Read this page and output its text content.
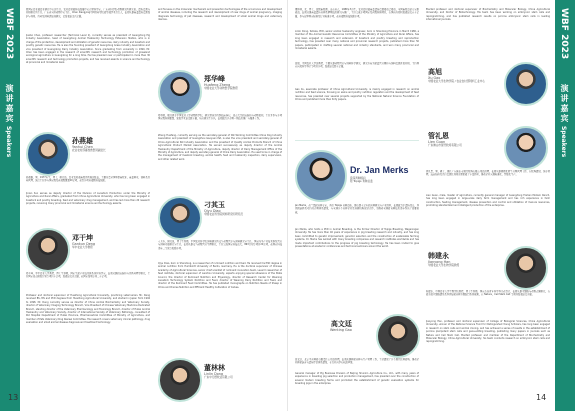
WBF 2023
演讲嘉宾
Speakers
13
原国家农业部农业研究中心副主任、农业农村部科技发展中心首席科学家、广东省科学院动物研究所研究员、遗传资源与利用研究所主任、广东省实验动物中心主任、Chen Xiangying中国兽药学院猪学部学术带头人，长期从事畜禽遗传资源保护与利用、兽药及饲料添加剂研究，已发表论文百余篇。
Jianbo Chen, professor researcher (Technical Level 2), currently serves as president of Guangdong Pig Industry Association, head of Guangdong Animal Husbandry Technology Extension Station, who is in charge of the protection, development and utilization of genetic resources, dairy industry and livestock and poultry genetic resources. He is also the founding president of Guangdong Grass Industry Association and vice president of Guangdong Dairy Industry Association. Since graduating from university in 1990, Mr. Chen has been engaged in the research of scientific research and technology promotion of grassland ecological agriculture in Guangdong for a long time. He has presided over or participated in more than 30 scientific research and technology promotion projects, and has received awards in science and technology at provincial and ministerial level.
孙燕雄
Yanhui Chen
农业农村部畜牧兽医局副处长
孙燕雄，男，1977年生，博士，研究员，农业农村部畜牧兽医局副处长，主要负责全国草原畜牧业、畜禽种业、饲料及兽药管理，先后主持参与国家级及省部级课题20余项，获得多项省部级科技奖励。
Jinian Sun serves as deputy director of the Division of Livestock Production under the Ministry of Agriculture and Rural Affairs, graduated from China Agricultural University, who has long been engaged in livestock and poultry breeding, feed and veterinary drug management, and has led more than 20 research projects, receiving many provincial and ministerial science and technology awards.
邓干坤
Gankun Deng
华中农业大学教授
邓干坤，华中农业大学教授，博士生导师，国家生猪产业技术体系岗位科学家，长期从事猪病防控与兽医药理学研究，主持国家重点研发计划等项目十余项，发表论文百余篇，获国家发明专利二十余项。
Professor and doctoral supervisor of Huazhong Agricultural University, practicing veterinarian. Mr. Deng received BS, MS and PhD degrees from Huazhong Agricultural University, and studied in Japan from 1994 to 1998. Mr. Deng currently serves as director of China Animal Biochemistry and Veterinary Society, director of Veterinary Imaging Technology Branch, Vice President of Chinese Veterinary Medicine Dedicated Branch, standing director of the Veterinary Pharmacology and Toxicology Branch, director of Hubei Animal Husbandry and Veterinary Society, director of International Society of Veterinary Pathology, consultant of Pet Hospital Department of Hubei Province, Pharmaceutical Committee of Ministry of Agriculture, and member of Pets Veterinary Drug Review Committee. His research covers veterinary clinical pathology, drug evaluation and small animal disease diagnosis and treatment technology.
and focuses on the molecular mechanism and prevention technologies of the occurrence and development of animal diseases, including the research and development of new drugs of animal pregnancy, imaging diagnosis technology of pet diseases, research and development of small animal drugs and veterinary devices.
郑华峰
Huafeng Zheng
中国农业大学动物医学院教授
郑华峰，现任教于中国农业大学动物医学院，研究领域为兽医临床诊疗，重点关注猪病防控与动物福利，主持并参与多项国家级科研课题，发表学术论文数十篇，培养研究生多名，长期致力于养殖一线技术推广与服务工作。
Zheng Huafeng, currently serving as the secretary-general of Pet Working Committee China Dog Industry Association and president of Guangzhou Gaoyuan Pet, is also the vice president and secretary-general of China Agricultural Pet Industry Association and the president of Quality Animal Products Branch of China Agricultural Product Market Association. He served successively as deputy director of the Animal Husbandry Department of the Ministry of Agriculture, deputy director of Dairy Management Office of the Ministry of Agriculture, and deputy secretary-general of China Dairy Association. He used to be in charge of the management of livestock breeding, animal health, feed and husbandry inspection, dairy supervision, and other related work.
刁其玉
Qiyu Diao
中国农业科学院饲料研究所研究员
刁其玉，研究员，博士生导师，中国农业科学院饲料研究所反刍动物营养与饲料研究室主任，国家肉羊产业技术体系营养与饲料功能研究室主任，长期从事反刍动物营养生理研究，主持完成国家科技攻关、863计划等项目20余项，获国家科技进步二等奖等奖励多项。
Qiyu Diao, born in Shandong, is a researcher of ruminant nutrition and feed. He received his PhD degree in animal nutrition from Humboldt University of Berlin, Germany. He is the doctoral supervisor of Chinese Academy of Agricultural Sciences, senior chief scientist of ruminant innovation team, Level II researcher of feed institute, doctoral supervisor of Lanzhou University, experts enjoying special allowance of the State Council, the director of Ruminant Nutrition and Physiology, director of Research Center for Weaning Livestock Technology System Nutrition and Feed, director of Weaning Dairy Nutrition and Feed, and director of the Ruminant Feed Committee. He has published monographs on Nutrition Needs of Sheep in China and Precise Nutrition and Efficient Healthy Cultivation of Calves.
董林林
Linlin Dong
广东中行德牧业有限公司
WBF 2023
演讲嘉宾
Speakers
14
董林林，女，博士，高级畜牧师。山东省人，1980年3月生。农业农村部畜禽遗传资源委员会委员，全国畜牧总站专家组成员，长期从事畜禽遗传育种及繁殖技术研究与推广，主持完成多项国家及省级科研项目，在国内外期刊发表论文五十余篇，参与起草国家标准及行业标准多项，获省部级科技奖励多项。
Linlin Dong, female, PhD, senior animal husbandry engineer, born in Shandong Province in March 1980, a member of the Animal Genetic Resources Committee of the Ministry of Agriculture and Rural Affairs, has long been engaged in research and extension of livestock and poultry breeding and reproduction technology, has presided over many national and provincial research projects, published more than 50 papers, participated in drafting several national and industry standards, and won many provincial and ministerial awards.
高旭，中国农业大学副教授，主要从事动物营养与饲料科学研究，研究方向为猪禽营养调控与饲料资源开发利用，主持国家自然科学基金等项目多项，发表论文四十余篇。
Gao Xu, associate professor of China Agricultural University, is mainly engaged in research on animal nutrition and feed science, focusing on swine and poultry nutrition regulation and the development of feed resources, has presided over several projects supported by the National Natural Science Foundation of China and published more than forty papers.
Dr. Jan Merks
资深育种顾问
原 Topigs 育种总监
Jan Merks，荷兰籍猪育种专家，曾任 Topigs 育种总监，拥有四十余年猪育种研究与产业经验，长期致力于遗传改良、基因组选择及可持续养殖体系建设，与全球多个育种企业及科研机构保持合作，为推动全球猪育种技术进步作出了重要贡献。
Jan Merks, who holds a PhD in Animal Breeding, is the former Director of Topigs Breeding, Wageningen University. He has more than 40 years of experience in pig breeding research and industry, and has long been committed to genetic improvement, genomic selection and the construction of sustainable farming systems. Dr. Merks has worked with many breeding companies and research institutes worldwide and has made important contributions to the progress of pig breeding technology. He has been invited to give presentations at academic conferences and technical seminars around the world.
高文廷
Wenting Gao
高文廷，北京中育种猪有限责任公司总经理，长期从事种猪育种与生产管理工作，主持建设了多个现代化种猪场，推动企业种猪选育与遗传评估体系建设，在行业内享有较高声誉。
General manager of Pig Business Division of Beijing Shunxin Agriculture Co., Ltd., with many years of experience in breeding pig selection and production management, has presided over the construction of several modern breeding farms and promoted the establishment of genetic evaluation systems for breeding pigs in the enterprise.
Elected professor and doctoral supervisor of Biochemistry and Molecular Biology, China Agricultural University, and Doctor of Biotechnology. His team has been working on embryonic stem cells and reprogramming, and has published research results on porcine embryonic stem cells in leading international journals.
高旭
Xu Gao
中国农业大学生物学院 / 农业农村部饲料工业中心
管礼恩
Lien Guan
广东佛山市现代牧场有限公司
管礼恩，男，硕士，现任广东佛山市现代牧场有限公司总经理，长期从事规模化奶牛养殖管理工作，在牧场建设、饲养管理、疫病防控及粪污资源化利用方面积累了丰富经验，推动企业实现标准化、智能化生产。
Lien Guan, male, master of agriculture, currently general manager of Guangdong Foshan Modern Ranch, has long been engaged in large-scale dairy farm management and has rich experience in farm construction, feeding management, disease prevention and control and utilization of manure resources, promoting standardized and intelligent production of the enterprise.
韩建永
Jianyong Han
中国农业大学生物学院教授
韩建永，中国农业大学生物学院教授，博士生导师，国家杰出青年科学基金获得者，长期从事干细胞与动物克隆研究，在猪多能干细胞建系及基因编辑育种方面取得系列成果，在 Nature、Cell Stem Cell 等期刊发表论文多篇。
Jianyong Han, professor and doctoral supervisor of College of Biological Sciences, China Agricultural University, winner of the National Science Fund for Distinguished Young Scholars, has long been engaged in research on stem cells and animal cloning, and has achieved a series of results in the establishment of porcine pluripotent stem cells and gene-editing breeding, publishing many papers in journals such as Nature and Cell Stem Cell. Elected professor and member of the Department of Biochemistry and Molecular Biology, China Agricultural University, his team conducts research on embryonic stem cells and reprogramming.
